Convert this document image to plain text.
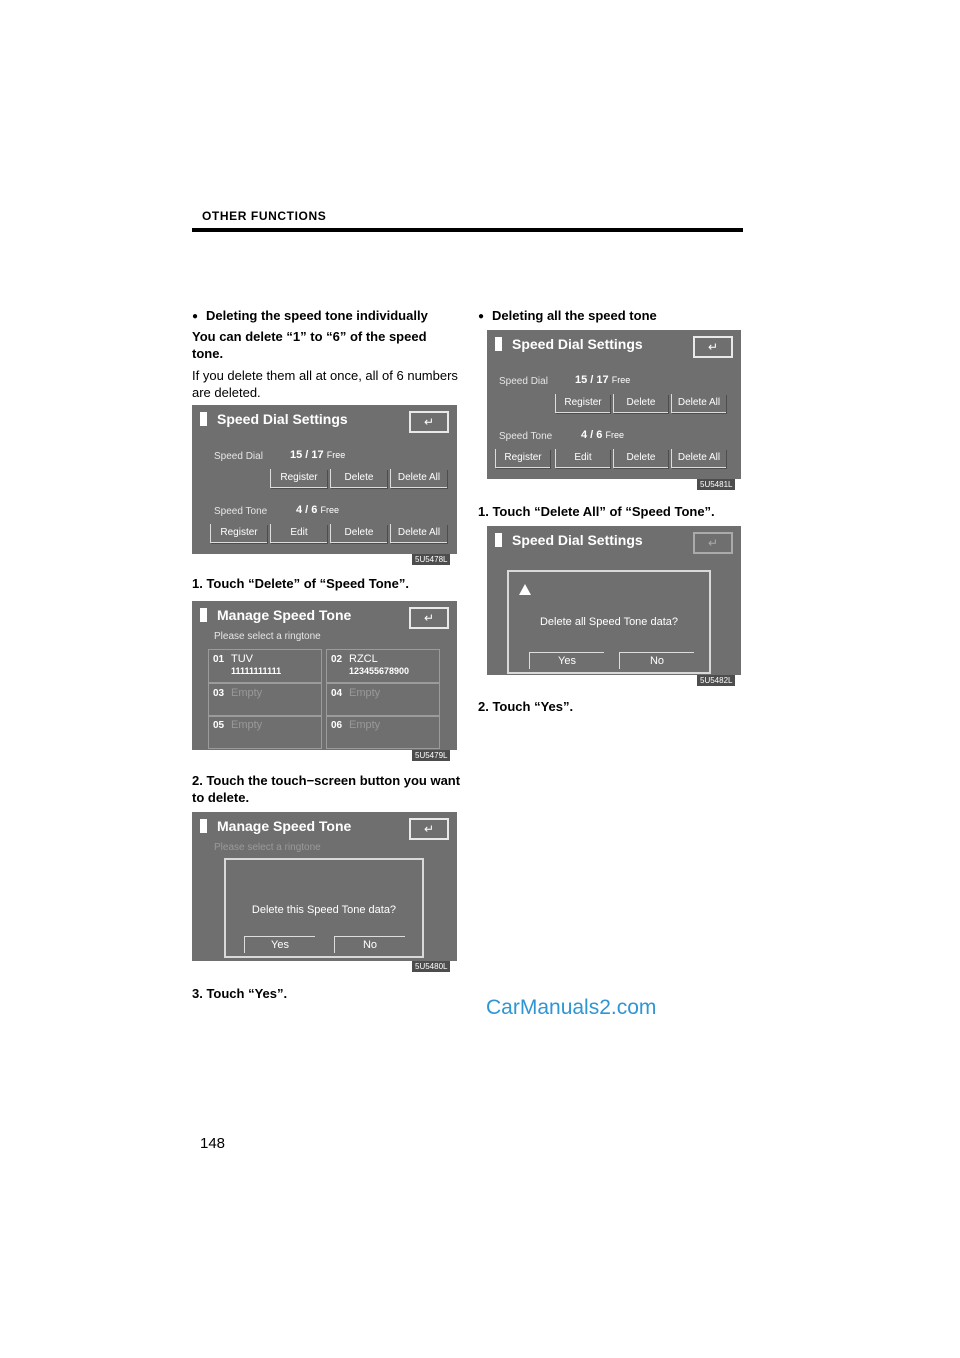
OTHER FUNCTIONS
● Deleting the speed tone individually
You can delete “1” to “6” of the speed tone.
If you delete them all at once, all of 6 numbers are deleted.
Speed Dial Settings	↵
Speed Dial 15 / 17 Free
Register	Delete	Delete All
Speed Tone	4 / 6 Free
Register	Edit	Delete	Delete All
5U5478L
1. Touch “Delete” of “Speed Tone”.
Manage Speed Tone	↵
Please select a ringtone
01 TUV
11111111111
02 RZCL
123455678900
03 Empty	04 Empty
05 Empty	06 Empty
5U5479L
2. Touch the touch−screen button you want to delete.
Manage Speed Tone	↵
Please select a ringtone
Delete this Speed Tone data?
Yes	No
5U5480L
3. Touch “Yes”.
● Deleting all the speed tone
Speed Dial Settings	↵
Speed Dial 15 / 17 Free
Register	Delete	Delete All
Speed Tone	4 / 6 Free
Register	Edit	Delete	Delete All
5U5481L
1. Touch “Delete All” of “Speed Tone”.
Speed Dial Settings	↵
Delete all Speed Tone data?
Yes	No
5U5482L
2. Touch “Yes”.
CarManuals2.com
148
